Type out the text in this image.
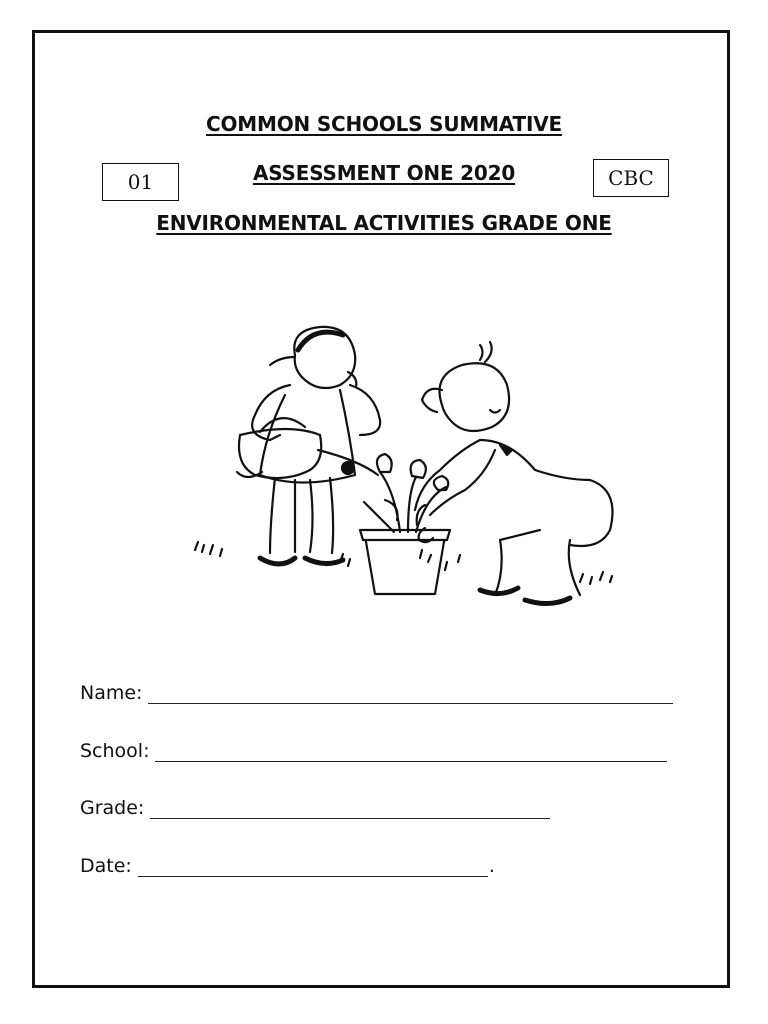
COMMON SCHOOLS SUMMATIVE
ASSESSMENT ONE 2020
ENVIRONMENTAL ACTIVITIES GRADE ONE
01	CBC
Name:
School:
Grade:
Date:	.
